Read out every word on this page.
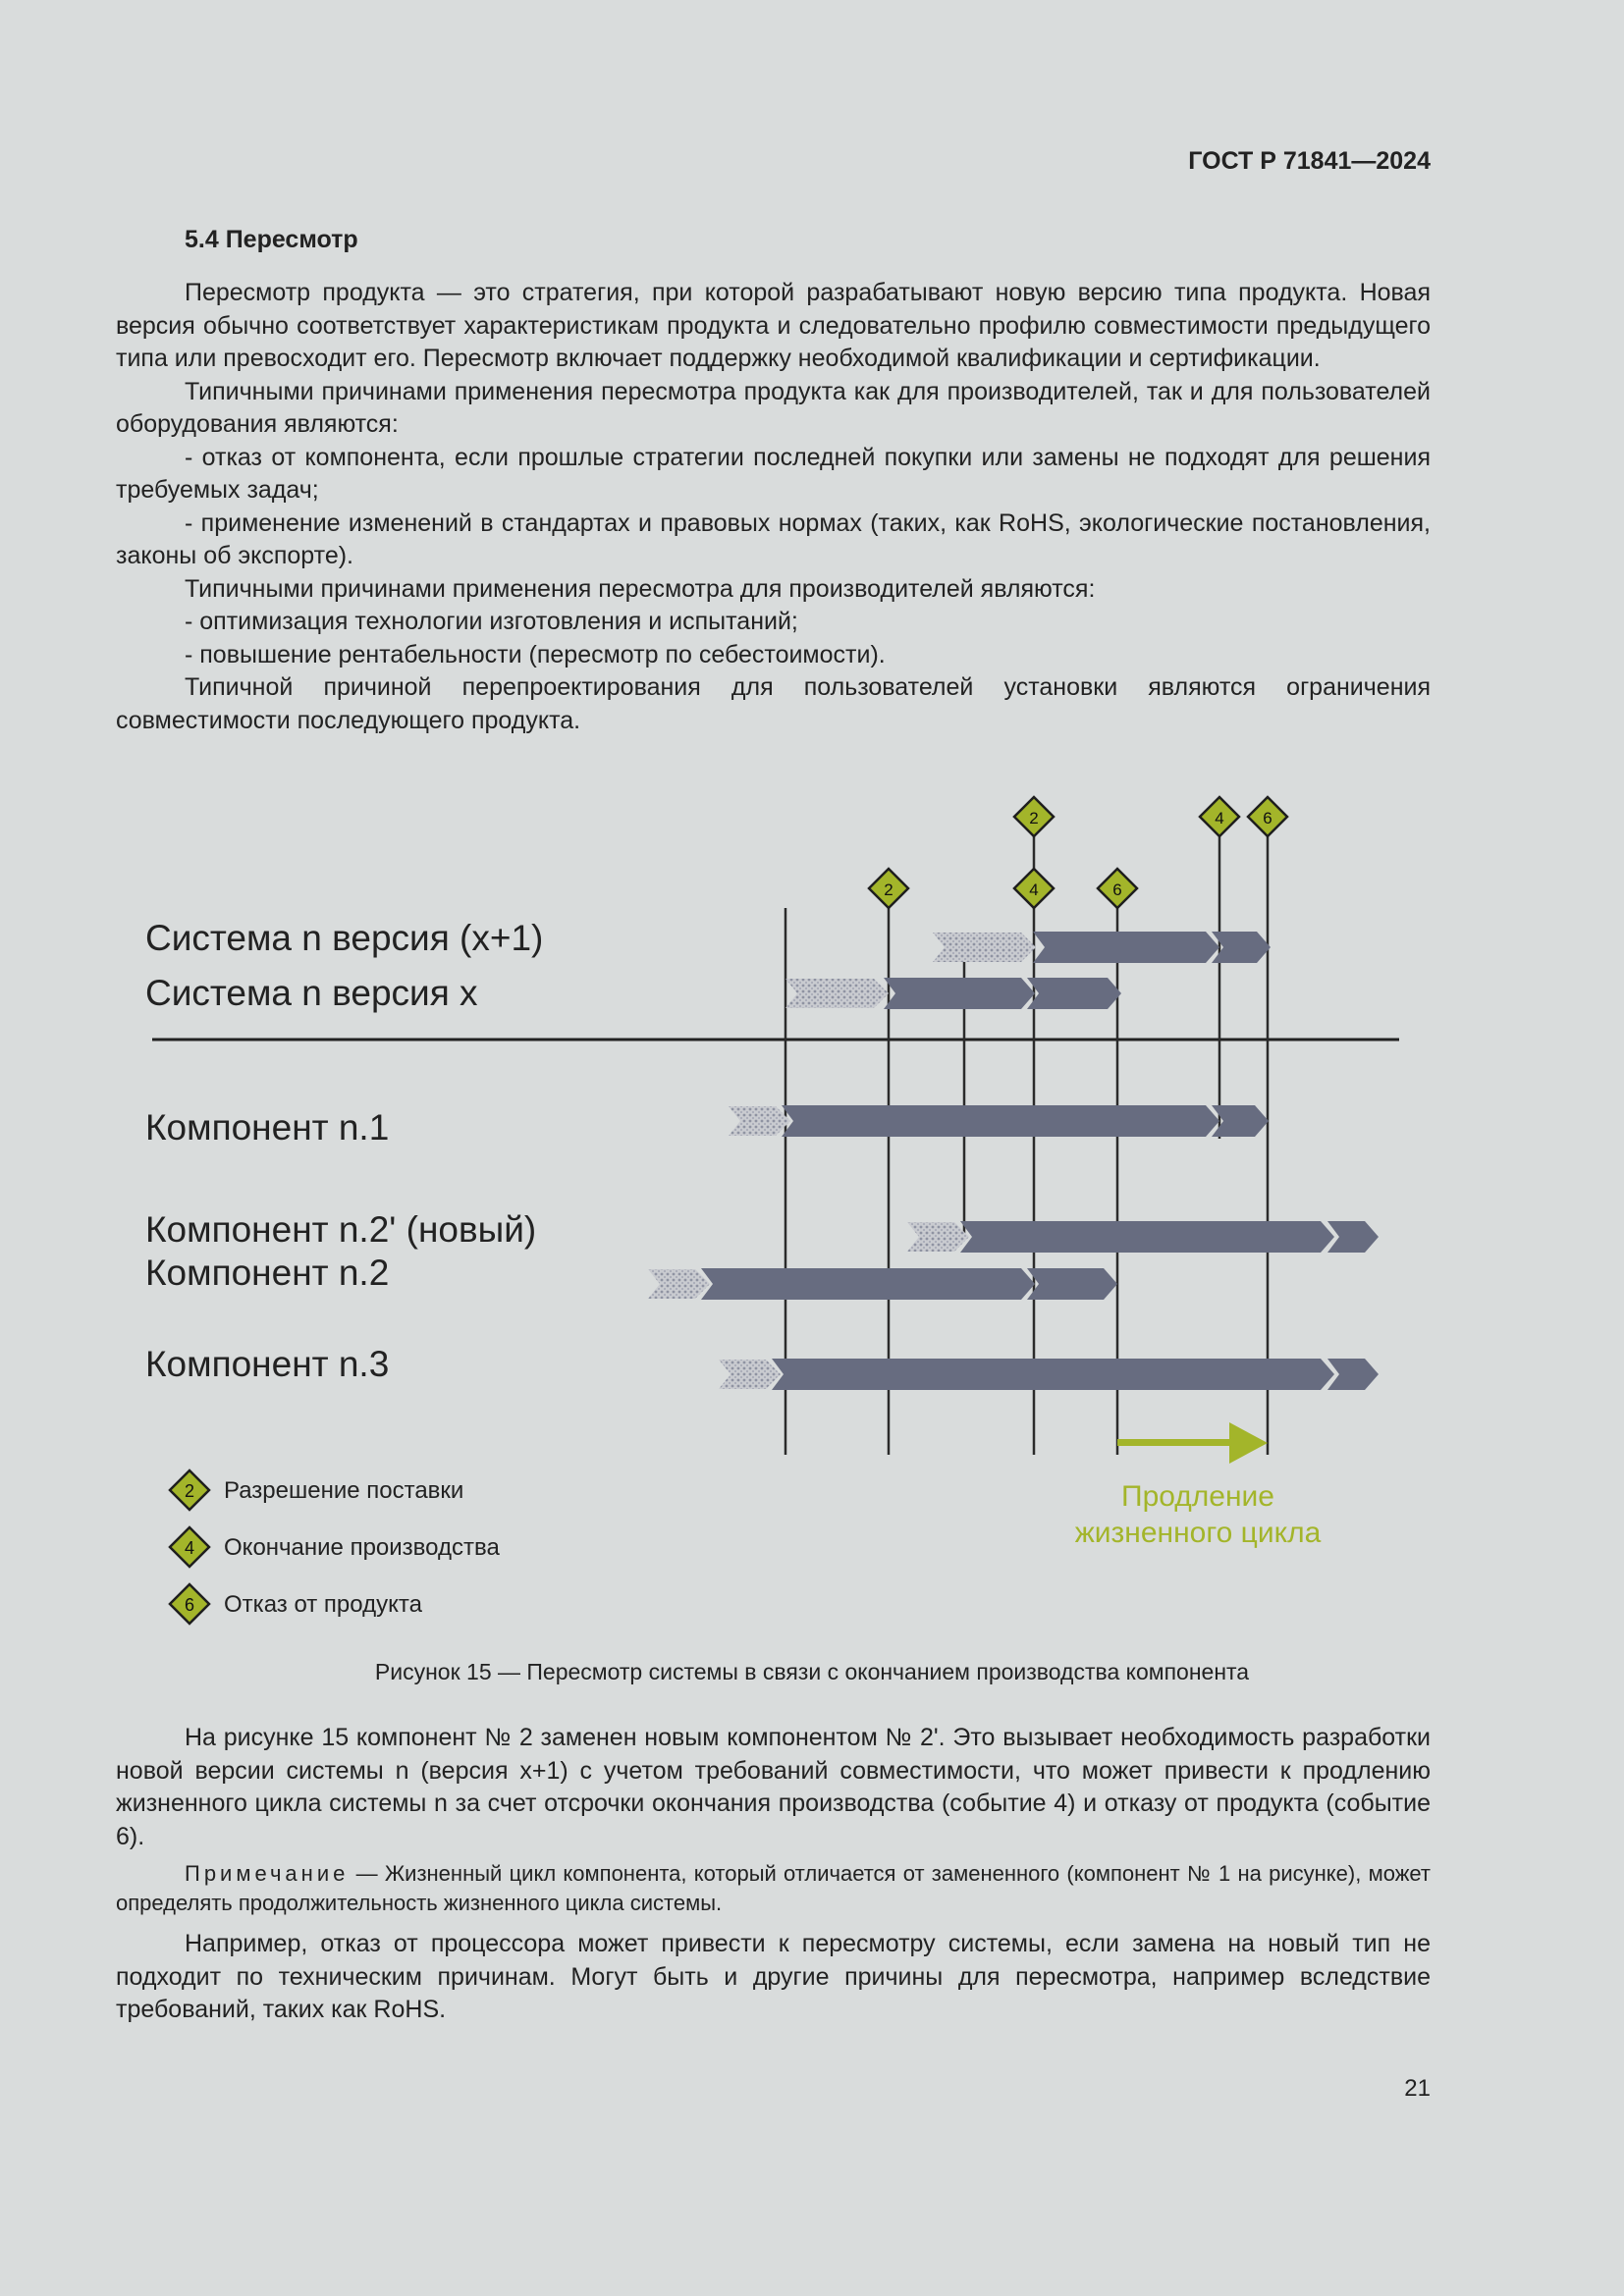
ГОСТ Р 71841—2024
5.4 Пересмотр

Пересмотр продукта — это стратегия, при которой разрабатывают новую версию типа продукта. Новая версия обычно соответствует характеристикам продукта и следовательно профилю совместимости предыдущего типа или превосходит его. Пересмотр включает поддержку необходимой квалификации и сертификации.

Типичными причинами применения пересмотра продукта как для производителей, так и для пользователей оборудования являются:

- отказ от компонента, если прошлые стратегии последней покупки или замены не подходят для решения требуемых задач;

- применение изменений в стандартах и правовых нормах (таких, как RoHS, экологические постановления, законы об экспорте).

Типичными причинами применения пересмотра для производителей являются:

- оптимизация технологии изготовления и испытаний;

- повышение рентабельности (пересмотр по себестоимости).

Типичной причиной перепроектирования для пользователей установки являются ограничения совместимости последующего продукта.

Система n версия (x+1)
Система n версия x
Компонент n.1
Компонент n.2' (новый)
Компонент n.2
Компонент n.3
2	4 6
2	4	6
Продление
жизненного цикла
2 Разрешение поставки
4 Окончание производства
6 Отказ от продукта
Рисунок 15 — Пересмотр системы в связи с окончанием производства компонента

На рисунке 15 компонент № 2 заменен новым компонентом № 2'. Это вызывает необходимость разработки новой версии системы n (версия x+1) с учетом требований совместимости, что может привести к продлению жизненного цикла системы n за счет отсрочки окончания производства (событие 4) и отказу от продукта (событие 6).

Примечание — Жизненный цикл компонента, который отличается от замененного (компонент № 1 на рисунке), может определять продолжительность жизненного цикла системы.

Например, отказ от процессора может привести к пересмотру системы, если замена на новый тип не подходит по техническим причинам. Могут быть и другие причины для пересмотра, например вследствие требований, таких как RoHS.

21
